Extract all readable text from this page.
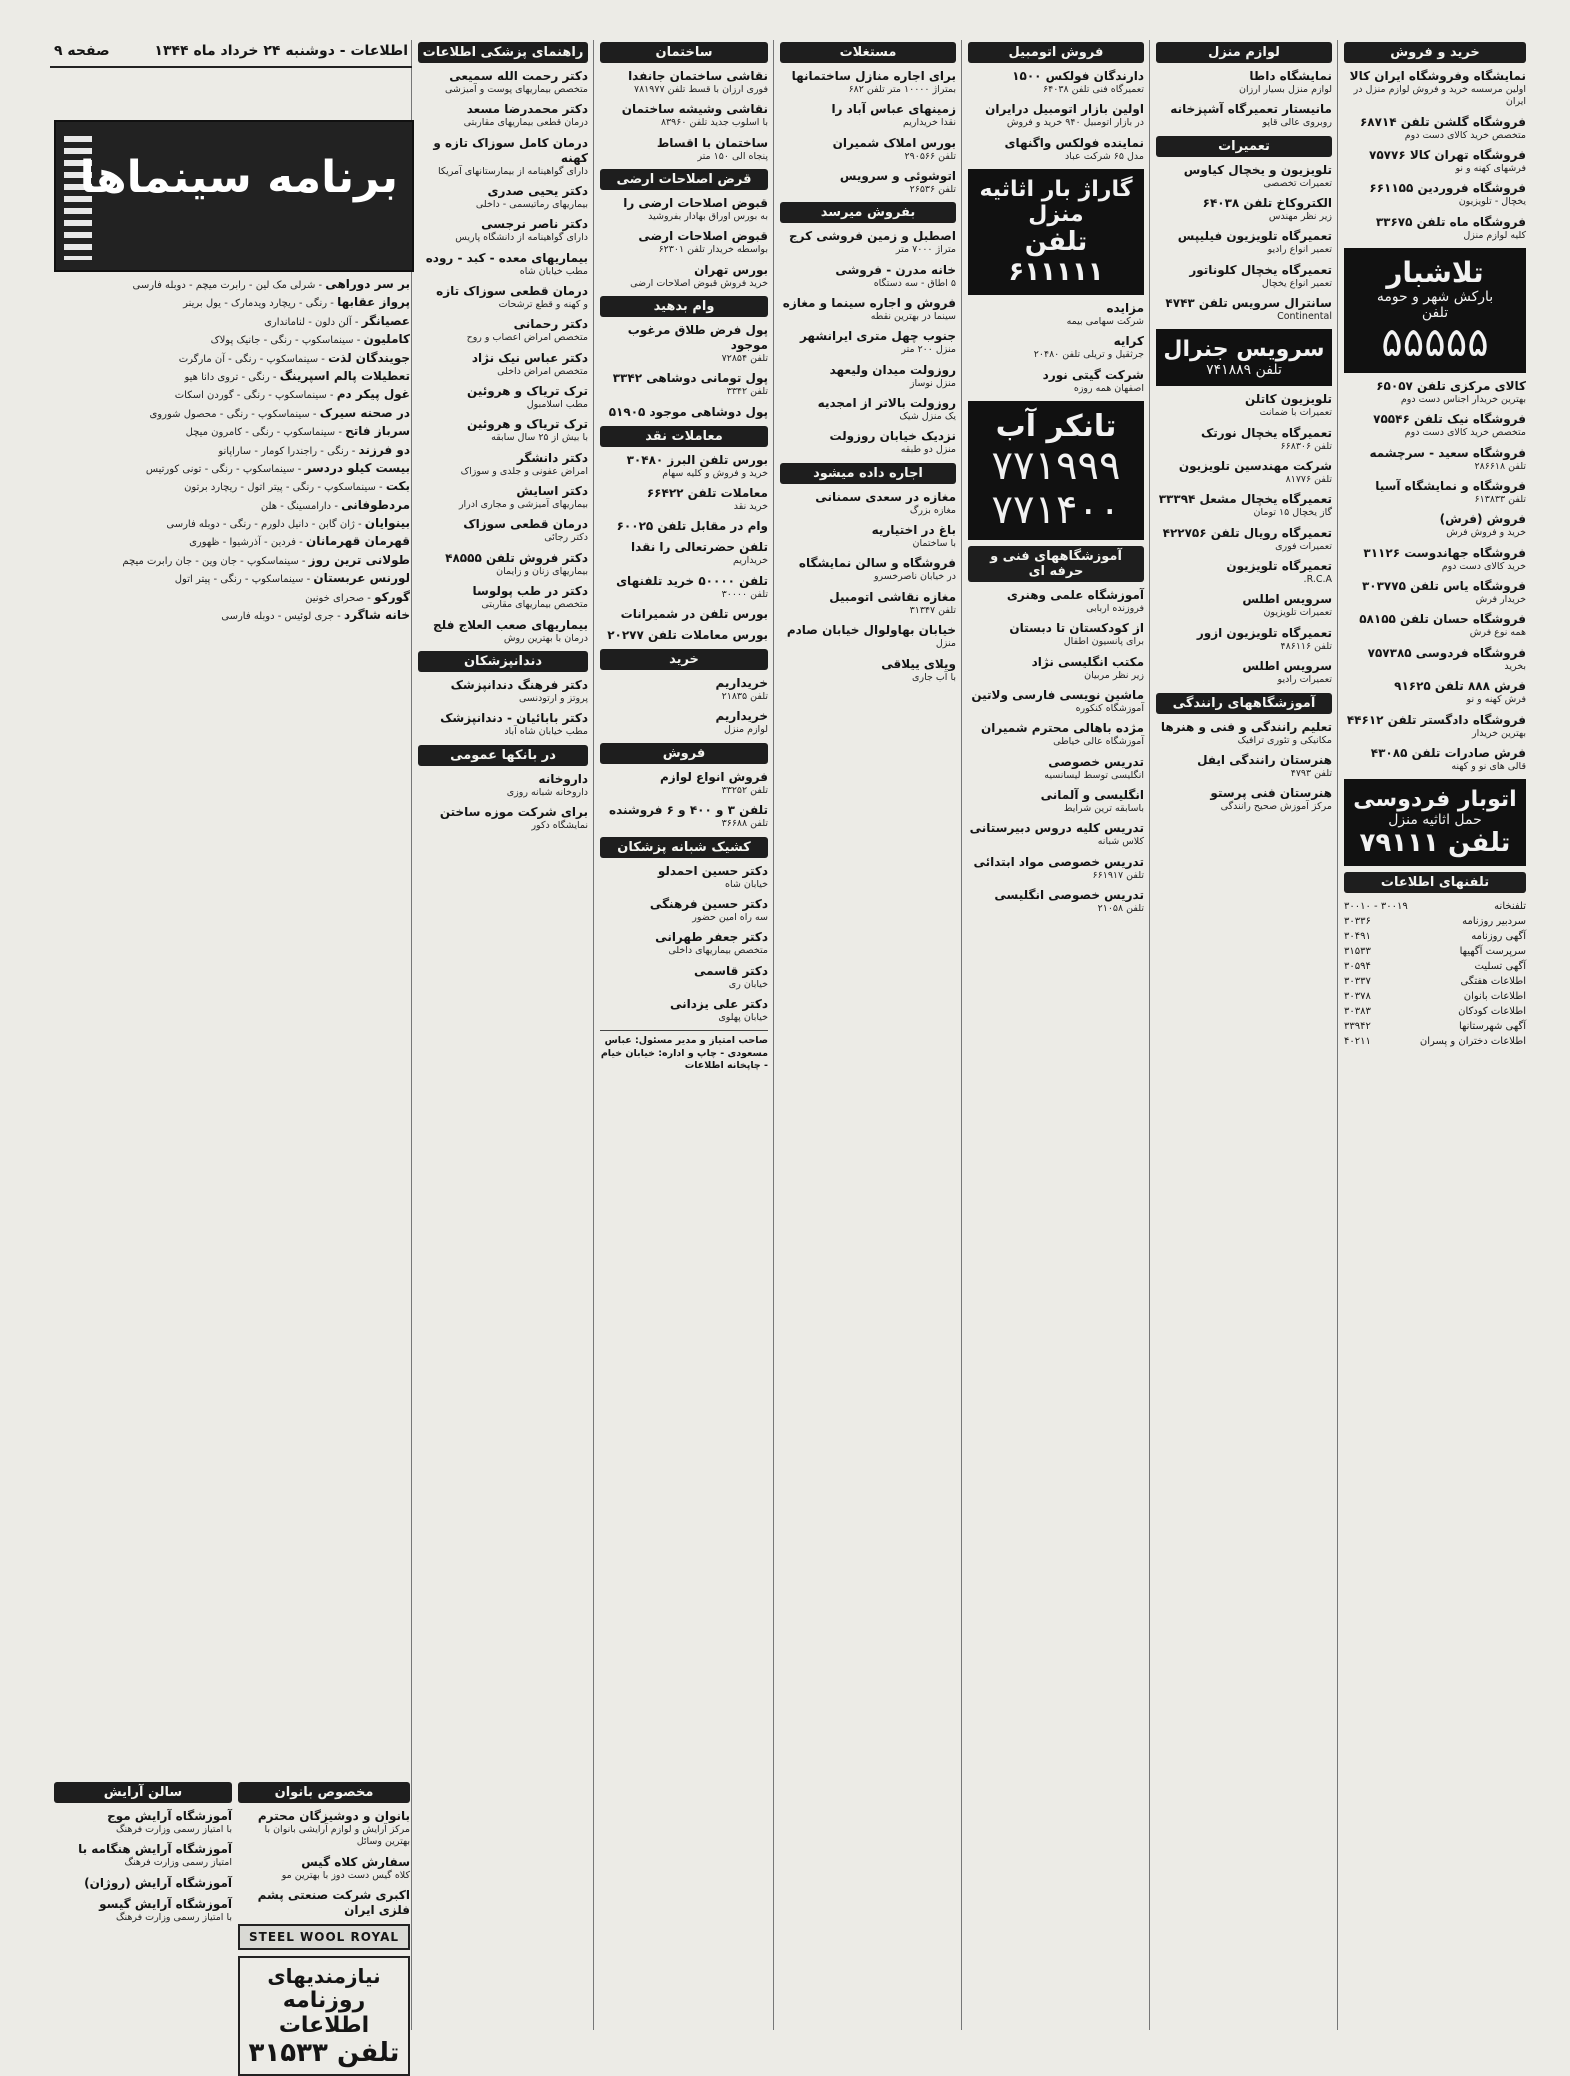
خرید و فروش
نمایشگاه وفروشگاه ایران کالا
اولین مرسسه خرید و فروش لوازم منزل در ایران
فروشگاه گلشن تلفن ۶۸۷۱۴
متخصص خرید کالای دست دوم
فروشگاه تهران کالا ۷۵۷۷۶
فرشهای کهنه و نو
فروشگاه فروردین ۶۶۱۱۵۵
یخچال - تلویزیون
فروشگاه ماه تلفن ۳۳۶۷۵
کلیه لوازم منزل
تلاشبار
بارکش شهر و حومه
تلفن
۵۵۵۵۵
کالای مرکزی تلفن ۶۵۰۵۷
بهترین خریدار اجناس دست دوم
فروشگاه نیک تلفن ۷۵۵۴۶
متخصص خرید کالای دست دوم
فروشگاه سعید - سرچشمه
تلفن ۲۸۶۶۱۸
فروشگاه و نمایشگاه آسیا
تلفن ۶۱۳۸۳۳
فروش (فرش)
خرید و فروش فرش
فروشگاه جهاندوست ۳۱۱۲۶
خرید کالای دست دوم
فروشگاه یاس تلفن ۳۰۳۷۷۵
خریدار فرش
فروشگاه حسان تلفن ۵۸۱۵۵
همه نوع فرش
فروشگاه فردوسی ۷۵۷۳۸۵
بخرید
فرش ۸۸۸ تلفن ۹۱۶۲۵
فرش کهنه و نو
فروشگاه دادگستر تلفن ۴۴۶۱۲
بهترین خریدار
فرش صادرات تلفن ۴۳۰۸۵
قالی های نو و کهنه
اتوبار فردوسی
حمل اثاثیه منزل
تلفن ۷۹۱۱۱
تلفنهای اطلاعات
تلفنخانه
۳۰۰۱۹ - ۳۰۰۱۰
سردبیر روزنامه
۳۰۳۳۶
آگهی روزنامه
۳۰۴۹۱
سرپرست آگهیها
۳۱۵۳۳
آگهی تسلیت
۳۰۵۹۴
اطلاعات هفتگی
۳۰۳۳۷
اطلاعات بانوان
۳۰۳۷۸
اطلاعات کودکان
۳۰۳۸۳
آگهی شهرستانها
۳۳۹۴۲
اطلاعات دختران و پسران
۴۰۲۱۱
لوازم منزل
نمایشگاه داطا
لوازم منزل بسیار ارزان
مانیستار تعمیرگاه آشپزخانه
روبروی عالی قاپو
تعمیرات
تلویزیون و یخچال کیاوس
تعمیرات تخصصی
الکتروکاخ تلفن ۶۴۰۳۸
زیر نظر مهندس
تعمیرگاه تلویزیون فیلیپس
تعمیر انواع رادیو
تعمیرگاه یخچال کلوناتور
تعمیر انواع یخچال
سانترال سرویس تلفن ۴۷۴۳
Continental
سرویس جنرال
تلفن ۷۴۱۸۸۹
تلویزیون کاتلن
تعمیرات با ضمانت
تعمیرگاه یخچال نورتک
تلفن ۶۶۸۳۰۶
شرکت مهندسین تلویزیون
تلفن ۸۱۷۷۶
تعمیرگاه یخچال مشعل ۳۳۳۹۴
گاز یخچال ۱۵ تومان
تعمیرگاه رویال تلفن ۴۲۲۷۵۶
تعمیرات فوری
تعمیرگاه تلویزیون
R.C.A.
سرویس اطلس
تعمیرات تلویزیون
تعمیرگاه تلویزیون ازور
تلفن ۴۸۶۱۱۶
سرویس اطلس
تعمیرات رادیو
آموزشگاههای رانندگی
تعلیم رانندگی و فنی و هنرها
مکانیکی و تئوری ترافیک
هنرستان رانندگی ایفل
تلفن ۴۷۹۳
هنرستان فنی پرستو
مرکز آموزش صحیح رانندگی
فروش اتومبیل
دارندگان فولکس ۱۵۰۰
تعمیرگاه فنی تلفن ۶۴۰۳۸
اولین بازار اتومبیل درایران
در بازار اتومبیل ۹۴۰ خرید و فروش
نماینده فولکس واگنهای
مدل ۶۵ شرکت عباد
گاراژ بار اثاثیه منزل
تلفن ۶۱۱۱۱۱
مزایده
شرکت سهامی بیمه
کرایه
جرثقیل و تریلی تلفن ۲۰۴۸۰
شرکت گیتی نورد
اصفهان همه روزه
تانکر آب
۷۷۱۹۹۹
۷۷۱۴۰۰
آموزشگاههای فنی و حرفه ای
آموزشگاه علمی وهنری
فروزنده اربابی
از کودکستان تا دبستان
برای پانسیون اطفال
مکتب انگلیسی نژاد
زیر نظر مربیان
ماشین نویسی فارسی ولاتین
آموزشگاه کنکوره
مژده باهالی محترم شمیران
آموزشگاه عالی خیاطی
تدریس خصوصی
انگلیسی توسط لیسانسیه
انگلیسی و آلمانی
باسابقه ترین شرایط
تدریس کلیه دروس دبیرستانی
کلاس شبانه
تدریس خصوصی مواد ابتدائی
تلفن ۶۶۱۹۱۷
تدریس خصوصی انگلیسی
تلفن ۲۱۰۵۸
مستغلات
برای اجاره منازل ساختمانها
بمتراژ ۱۰۰۰۰ متر تلفن ۶۸۲
زمینهای عباس آباد را
نقدا خریداریم
بورس املاک شمیران
تلفن ۲۹۰۵۶۶
اتوشوئی و سرویس
تلفن ۲۶۵۳۶
بفروش میرسد
اصطبل و زمین فروشی کرج
متراژ ۷۰۰۰ متر
خانه مدرن - فروشی
۵ اطاق - سه دستگاه
فروش و اجاره سینما و مغازه
سینما در بهترین نقطه
جنوب چهل متری ایرانشهر
منزل ۲۰۰ متر
روزولت میدان ولیعهد
منزل نوساز
روزولت بالاتر از امجدیه
یک منزل شیک
نزدیک خیابان روزولت
منزل دو طبقه
اجاره داده میشود
مغازه در سعدی سمنانی
مغازه بزرگ
باغ در اختیاریه
با ساختمان
فروشگاه و سالن نمایشگاه
در خیابان ناصرخسرو
مغازه نقاشی اتومبیل
تلفن ۳۱۳۴۷
خیابان بهاولوال خیابان صادم
منزل
ویلای ییلاقی
با آب جاری
ساختمان
نقاشی ساختمان جانفدا
فوری ارزان با قسط تلفن ۷۸۱۹۷۷
نقاشی وشیشه ساختمان
با اسلوب جدید تلفن ۸۳۹۶۰
ساختمان با اقساط
پنجاه الی ۱۵۰ متر
قرض اصلاحات ارضی
قبوض اصلاحات ارضی را
به بورس اوراق بهادار بفروشید
قبوض اصلاحات ارضی
بواسطه خریدار تلفن ۶۲۳۰۱
بورس تهران
خرید فروش قبوض اصلاحات ارضی
وام بدهید
پول فرض طلاق مرغوب موجود
تلفن ۷۲۸۵۴
پول تومانی دوشاهی ۳۳۴۲
تلفن ۳۳۴۲
پول دوشاهی موجود ۵۱۹۰۵
معاملات نقد
بورس تلفن البرز ۳۰۴۸۰
خرید و فروش و کلیه سهام
معاملات تلفن ۶۶۴۲۲
خرید نقد
وام در مقابل تلفن ۶۰۰۲۵
تلفن حضرتعالی را نقدا
خریداریم
تلفن ۵۰۰۰۰ خرید تلفنهای
تلفن ۳۰۰۰۰
بورس تلفن در شمیرانات
بورس معاملات تلفن ۲۰۲۷۷
خرید
خریداریم
تلفن ۲۱۸۳۵
خریداریم
لوازم منزل
فروش
فروش انواع لوازم
تلفن ۳۳۲۵۲
تلفن ۳ و ۴۰۰ و ۶ فروشنده
تلفن ۳۶۶۸۸
کشیک شبانه پزشکان
دکتر حسین احمدلو
خیابان شاه
دکتر حسین فرهنگی
سه راه امین حضور
دکتر جعفر طهرانی
متخصص بیماریهای داخلی
دکتر قاسمی
خیابان ری
دکتر علی یزدانی
خیابان پهلوی
صاحب امتیاز و مدیر مسئول: عباس مسعودی - چاپ و اداره: خیابان خیام - چاپخانه اطلاعات
راهنمای پزشکی اطلاعات
دکتر رحمت الله سمیعی
متخصص بیماریهای پوست و آمیزشی
دکتر محمدرضا مسعد
درمان قطعی بیماریهای مقاربتی
درمان کامل سوزاک تازه و کهنه
دارای گواهینامه از بیمارستانهای آمریکا
دکتر یحیی صدری
بیماریهای رماتیسمی - داخلی
دکتر ناصر نرجسی
دارای گواهینامه از دانشگاه پاریس
بیماریهای معده - کبد - روده
مطب خیابان شاه
درمان قطعی سوزاک تازه
و کهنه و قطع ترشحات
دکتر رحمانی
متخصص امراض اعصاب و روح
دکتر عباس نیک نژاد
متخصص امراض داخلی
ترک تریاک و هروئین
مطب اسلامبول
ترک تریاک و هروئین
با بیش از ۲۵ سال سابقه
دکتر دانشگر
امراض عفونی و جلدی و سوزاک
دکتر اسایش
بیماریهای آمیزشی و مجاری ادرار
درمان قطعی سوزاک
دکتر رجائی
دکتر فروش تلفن ۴۸۵۵۵
بیماریهای زنان و زایمان
دکتر در طب پولوسا
متخصص بیماریهای مقاربتی
بیماریهای صعب العلاج فلج
درمان با بهترین روش
دندانپزشکان
دکتر فرهنگ دندانپزشک
پروتز و ارتودنسی
دکتر بابائیان - دندانپزشک
مطب خیابان شاه آباد
در بانکها عمومی
داروخانه
داروخانه شبانه روزی
برای شرکت موزه ساختن
نمایشگاه دکور
اطلاعات - دوشنبه ۲۴ خرداد ماه ۱۳۴۴
صفحه ۹
برنامه سینماها
بر سر دوراهی - شرلی مک لین - رابرت میچم - دوبله فارسی
پرواز عقابها - رنگی - ریچارد ویدمارک - یول برینر
عصیانگر - آلن دلون - لنامانداری
کاملیون - سینماسکوپ - رنگی - جانیک پولاک
جویندگان لذت - سینماسکوپ - رنگی - آن مارگرت
تعطیلات پالم اسپرینگ - رنگی - تروی دانا هیو
غول پیکر دم - سینماسکوپ - رنگی - گوردن اسکات
در صحنه سیرک - سینماسکوپ - رنگی - محصول شوروی
سرباز فاتح - سینماسکوپ - رنگی - کامرون میچل
دو فرزند - رنگی - راجندرا کومار - ساراپانو
بیست کیلو دردسر - سینماسکوپ - رنگی - تونی کورتیس
بکت - سینماسکوپ - رنگی - پیتر اتول - ریچارد برتون
مردطوفانی - دارامسینگ - هلن
بینوایان - ژان گابن - دانیل دلورم - رنگی - دوبله فارسی
قهرمان قهرمانان - فردین - آذرشیوا - ظهوری
طولانی ترین روز - سینماسکوپ - جان وین - جان رابرت میچم
لورنس عربستان - سینماسکوپ - رنگی - پیتر اتول
گورکو - صحرای خونین
خانه شاگرد - جری لوئیس - دوبله فارسی
مخصوص بانوان
بانوان و دوشیزگان محترم
مرکز آرایش و لوازم آرایشی بانوان با بهترین وسائل
سفارش کلاه گیس
کلاه گیس دست دوز با بهترین مو
اکبری شرکت صنعتی پشم فلزی ایران
STEEL WOOL ROYAL
نیازمندیهای
روزنامه اطلاعات
تلفن ۳۱۵۳۳
سالن آرایش
آموزشگاه آرایش موج
با امتیاز رسمی وزارت فرهنگ
آموزشگاه آرایش هنگامه با
امتیاز رسمی وزارت فرهنگ
آموزشگاه آرایش (روژان)
آموزشگاه آرایش گیسو
با امتیاز رسمی وزارت فرهنگ
